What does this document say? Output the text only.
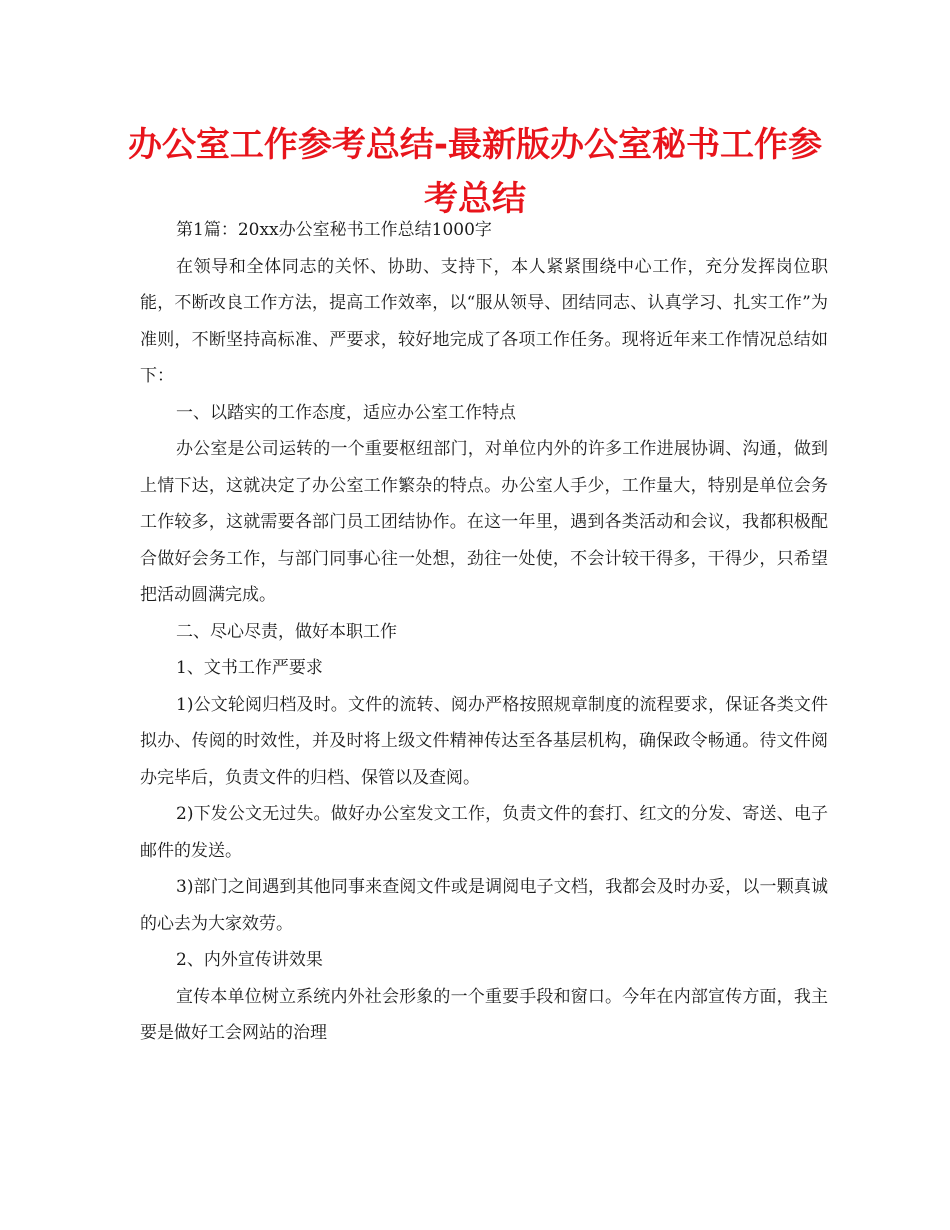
办公室工作参考总结-最新版办公室秘书工作参考总结

第1篇：20xx办公室秘书工作总结1000字

在领导和全体同志的关怀、协助、支持下，本人紧紧围绕中心工作，充分发挥岗位职能，不断改良工作方法，提高工作效率，以“服从领导、团结同志、认真学习、扎实工作”为准则，不断坚持高标准、严要求，较好地完成了各项工作任务。现将近年来工作情况总结如下：

一、以踏实的工作态度，适应办公室工作特点

办公室是公司运转的一个重要枢纽部门，对单位内外的许多工作进展协调、沟通，做到上情下达，这就决定了办公室工作繁杂的特点。办公室人手少，工作量大，特别是单位会务工作较多，这就需要各部门员工团结协作。在这一年里，遇到各类活动和会议，我都积极配合做好会务工作，与部门同事心往一处想，劲往一处使，不会计较干得多，干得少，只希望把活动圆满完成。

二、尽心尽责，做好本职工作

1、文书工作严要求

1)公文轮阅归档及时。文件的流转、阅办严格按照规章制度的流程要求，保证各类文件拟办、传阅的时效性，并及时将上级文件精神传达至各基层机构，确保政令畅通。待文件阅办完毕后，负责文件的归档、保管以及查阅。

2)下发公文无过失。做好办公室发文工作，负责文件的套打、红文的分发、寄送、电子邮件的发送。

3)部门之间遇到其他同事来查阅文件或是调阅电子文档，我都会及时办妥，以一颗真诚的心去为大家效劳。

2、内外宣传讲效果

宣传本单位树立系统内外社会形象的一个重要手段和窗口。今年在内部宣传方面，我主要是做好工会网站的治理
